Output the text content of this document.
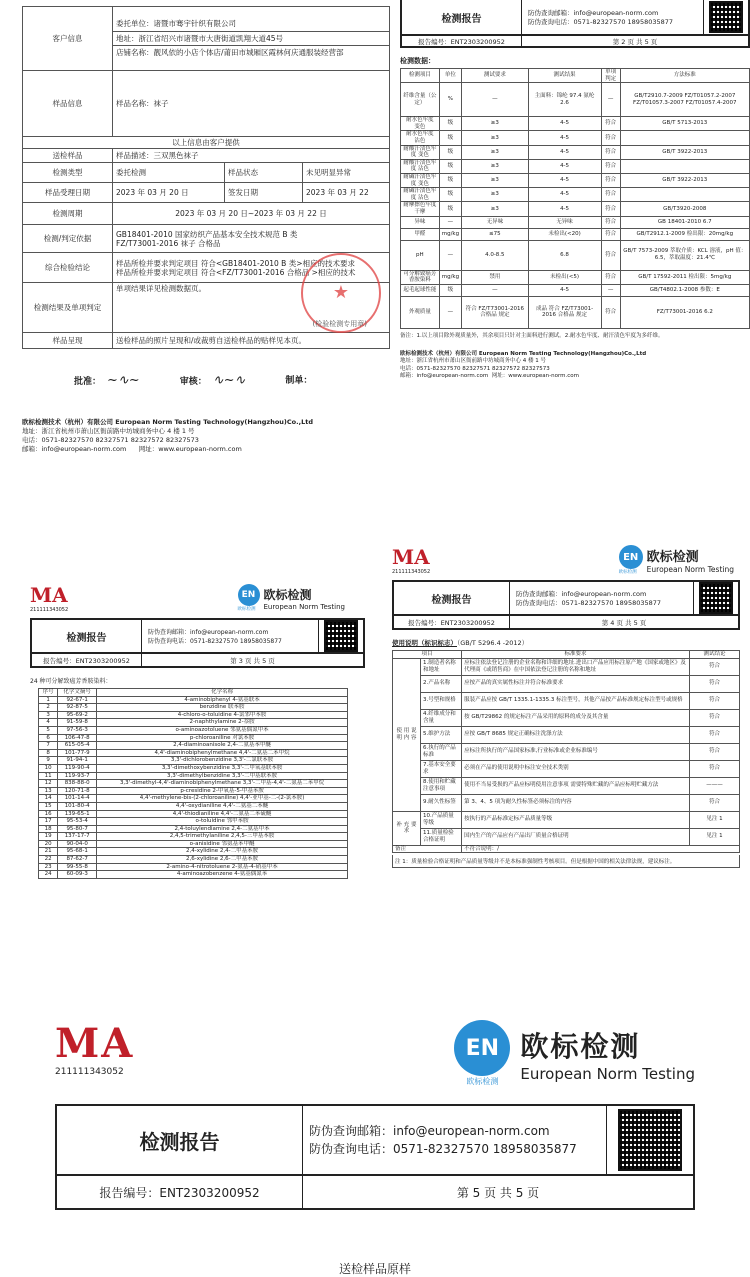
客户信息	委托单位：诸暨市骞宇针织有限公司
地址：浙江省绍兴市诸暨市大唐街道凯翔大道45号
店铺名称：靓风依的小店个体店/莆田市城厢区霞林何庆通服装经营部		

样品信息	样品名称：袜子		
以上信息由客户提供			
送检样品	样品描述：三双黑色袜子		
检测类型	委托检测	样品状态	未见明显异常
样品受理日期	2023 年 03 月 20 日	签发日期	2023 年 03 月 22
检测周期	2023 年 03 月 20 日~2023 年 03 月 22 日		
检测/判定依据	GB18401-2010 国家纺织产品基本安全技术规范 B 类
FZ/T73001-2016 袜子 合格品		

综合检验结论	样品所检并要求判定项目 符合<GB18401-2010 B 类>相应的技术要求
样品所检并要求判定项目 符合<FZ/T73001-2016 合格品 >相应的技术		

检测结果及单项判定	单项结果详见检测数据页。 ★
(检验检测专用章)		

样品呈现	送检样品的照片呈现和/或裁剪自送检样品的贴样见本页。		
批准： ~∿~	审核： ∿~∿	制单：
欧标检测技术（杭州）有限公司 European Norm Testing Technology(Hangzhou)Co.,Ltd
地址：浙江省杭州市萧山区衙前路中坊城商务中心 4 楼 1 号
电话：0571-82327570 82327571 82327572 82327573
邮箱：info@european-norm.com 网址：www.european-norm.com
检测报告
防伪查询邮箱：info@european-norm.com
防伪查询电话：0571-82327570 18958035877
报告编号：ENT2303200952	第 2 页 共 5 页
检测数据：
检测项目	单位	测试要求	测试结果	单项判定	方法标准
纤维含量（公定）	%	—	主面料：锦纶 97.4 氨纶 2.6	—	GB/T2910.7-2009 FZ/T01057.2-2007 FZ/T01057.3-2007 FZ/T01057.4-2007
耐水色牢度 变色	级	≥3	4-5	符合	GB/T 5713-2013
耐水色牢度 沾色	级	≥3	4-5	符合	
耐酸汗渍色牢度 变色	级	≥3	4-5	符合	GB/T 3922-2013
耐酸汗渍色牢度 沾色	级	≥3	4-5	符合	
耐碱汗渍色牢度 变色	级	≥3	4-5	符合	GB/T 3922-2013
耐碱汗渍色牢度 沾色	级	≥3	4-5	符合	
耐摩擦色牢度 干摩	级	≥3	4-5	符合	GB/T3920-2008
异味	—	无异味	无异味	符合	GB 18401-2010 6.7
甲醛	mg/kg	≤75	未检出(<20)	符合	GB/T2912.1-2009 检出限：20mg/kg
pH	—	4.0-8.5	6.8	符合	GB/T 7573-2009 萃取介质：KCL 溶液，pH 值：6.5，萃取温度：21.4℃
可分解致癌芳香胺染料	mg/kg	禁用	未检出(<5)	符合	GB/T 17592-2011 检出限：5mg/kg
起毛起球性能	级	—	4-5	—	GB/T4802.1-2008 参数：E
外观质量	—	符合 FZ/T73001-2016 合格品 规定	成品 符合 FZ/T73001-2016 合格品 规定	符合	FZ/T73001-2016 6.2
备注：1.以上项目除外观质量外，其余项目只针对主面料进行测试。2.耐水色牢度、耐汗渍色牢度为多纤维。
欧标检测技术（杭州）有限公司 European Norm Testing Technology(Hangzhou)Co.,Ltd
地址：浙江省杭州市萧山区衙前路中坊城商务中心 4 楼 1 号
电话：0571-82327570 82327571 82327572 82327573
邮箱：info@european-norm.com 网址：www.european-norm.com
MA
211111343052
EN
欧标检测
欧标检测
European Norm Testing
检测报告	防伪查询邮箱：info@european-norm.com
防伪查询电话：0571-82327570 18958035877
报告编号：ENT2303200952	第 3 页 共 5 页
24 种可分解致癌芳香胺染料：
序号	化学文摘号	化学名称
1	92-67-1	4-aminobiphenyl 4-氨基联苯
2	92-87-5	benzidine 联苯胺
3	95-69-2	4-chloro-o-toluidine 4-氯邻甲苯胺
4	91-59-8	2-naphthylamine 2-萘胺
5	97-56-3	o-aminoazotoluene 邻氨基偶氮甲苯
6	106-47-8	p-chloroaniline 对氯苯胺
7	615-05-4	2,4-diaminoanisole 2,4-二氨基苯甲醚
8	101-77-9	4,4'-diaminobiphenylmethane 4,4'-二氨基二苯甲烷
9	91-94-1	3,3'-dichlorobenzidine 3,3'-二氯联苯胺
10	119-90-4	3,3'-dimethoxybenzidine 3,3'-二甲氧基联苯胺
11	119-93-7	3,3'-dimethylbenzidine 3,3'-二甲基联苯胺
12	838-88-0	3,3'-dimethyl-4,4'-diaminobiphenylmethane 3,3'-二甲基-4,4'-二氨基二苯甲烷
13	120-71-8	p-cresidine 2-甲氧基-5-甲基苯胺
14	101-14-4	4,4'-methylene-bis-(2-chloroaniline) 4,4'-亚甲基-二-(2-氯苯胺)
15	101-80-4	4,4'-oxydianiline 4,4'-二氨基二苯醚
16	139-65-1	4,4'-thiodianiline 4,4'-二氨基二苯硫醚
17	95-53-4	o-toluidine 邻甲苯胺
18	95-80-7	2,4-toluylendiamine 2,4-二氨基甲苯
19	137-17-7	2,4,5-trimethylaniline 2,4,5-三甲基苯胺
20	90-04-0	o-anisidine 邻氨基苯甲醚
21	95-68-1	2,4-xylidine 2,4-二甲基苯胺
22	87-62-7	2,6-xylidine 2,6-二甲基苯胺
23	99-55-8	2-amino-4-nitrotoluene 2-氨基-4-硝基甲苯
24	60-09-3	4-aminoazobenzene 4-氨基偶氮苯
MA
211111343052
EN
欧标检测
欧标检测
European Norm Testing
检测报告
防伪查询邮箱：info@european-norm.com
防伪查询电话：0571-82327570 18958035877
报告编号：ENT2303200952	第 4 页 共 5 页
使用说明（标识标志）（GB/T 5296.4 -2012）
项目		标准要求	测试结论
使 用 说 明 内 容	1.制造者名称和地址	应标注依法登记注册的企业名称和详细的地址.进出口产品应用标注原产地《国家或地区》及代理商《或销售商》在中国依法登记注册的名称和地址	符合
	2.产品名称	应按产品的真实属性标注并符合标准要求	符合
	3.号型和规格	服装产品应按 GB/T 1335.1-1335.3 标注型号，其他产品按产品标准规定标注型号或规格	符合
	4.纤维成分和含量	按 GB/T29862 的规定标注产品采用的原料的成分及其含量	符合
	5.维护方法	应按 GB/T 8685 规定正确标注洗涤方法	符合
	6.执行的产品标准	应标注所执行的产品国家标准,行业标准或企业标准编号	符合
	7.基本安全要求	必须在产品的使用说明中标注安全技术类别	符合
	8.使用和贮藏注意事项	使用不当易受损的产品应标明使用注意事项 需要特殊贮藏的产品应标明贮藏方法	———
	9.耐久性标签	第 3、4、5 项为耐久性标签必须标注的内容	符合
补 充 要 求	10.产品质量等级	按执行的产品标准定标产品质量等级	见注 1
	11.质量检验合格证明	国内生产的产品应有产品出厂质量合格证明	见注 1
备注		不符合说明：/	
注 1：质量检验合格证明和产品质量等级并不是本标准强制性考核项目。但是根据中国的相关法律法规，建议标注。
MA
211111343052
EN
欧标检测
欧标检测
European Norm Testing
检测报告	防伪查询邮箱：info@european-norm.com
防伪查询电话：0571-82327570 18958035877
报告编号：ENT2303200952	第 5 页 共 5 页
送检样品原样
